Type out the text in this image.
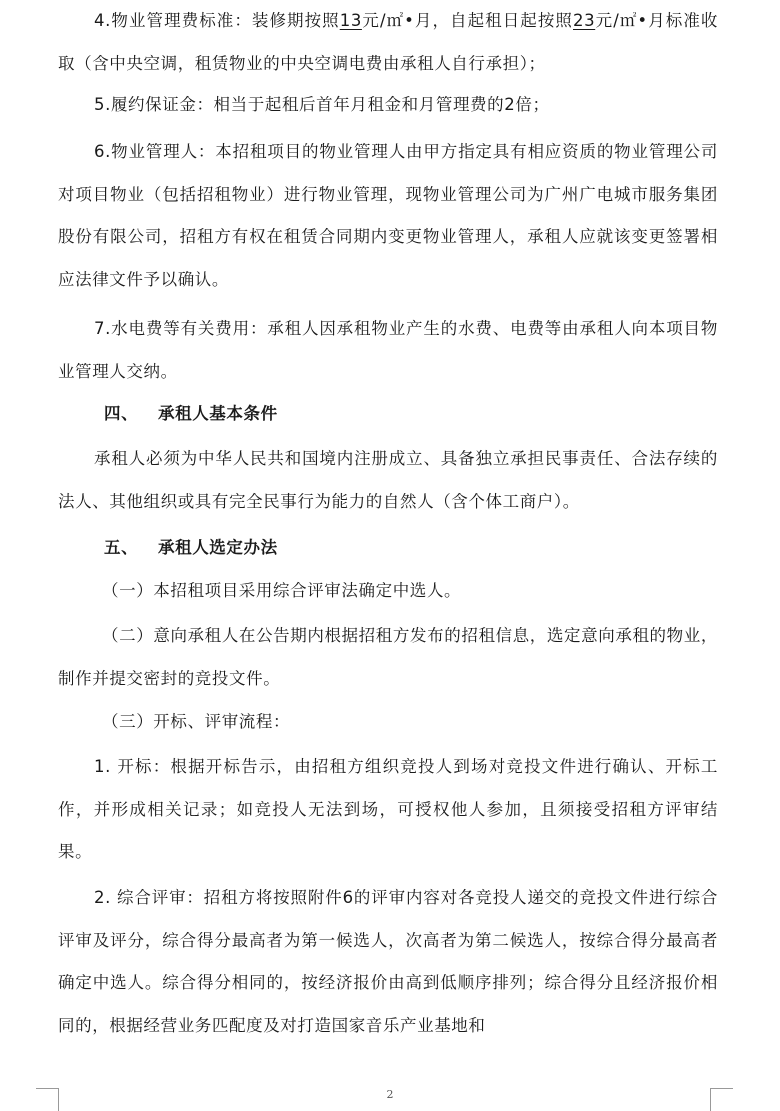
4.物业管理费标准：装修期按照13元/㎡•月，自起租日起按照23元/㎡•月标准收取（含中央空调，租赁物业的中央空调电费由承租人自行承担）；

5.履约保证金：相当于起租后首年月租金和月管理费的2倍；

6.物业管理人：本招租项目的物业管理人由甲方指定具有相应资质的物业管理公司对项目物业（包括招租物业）进行物业管理，现物业管理公司为广州广电城市服务集团股份有限公司，招租方有权在租赁合同期内变更物业管理人，承租人应就该变更签署相应法律文件予以确认。

7.水电费等有关费用：承租人因承租物业产生的水费、电费等由承租人向本项目物业管理人交纳。

四、 承租人基本条件

承租人必须为中华人民共和国境内注册成立、具备独立承担民事责任、合法存续的法人、其他组织或具有完全民事行为能力的自然人（含个体工商户）。

五、 承租人选定办法

（一）本招租项目采用综合评审法确定中选人。

（二）意向承租人在公告期内根据招租方发布的招租信息，选定意向承租的物业，制作并提交密封的竞投文件。

（三）开标、评审流程：

1. 开标：根据开标告示，由招租方组织竞投人到场对竞投文件进行确认、开标工作，并形成相关记录；如竞投人无法到场，可授权他人参加，且须接受招租方评审结果。

2. 综合评审：招租方将按照附件6的评审内容对各竞投人递交的竞投文件进行综合评审及评分，综合得分最高者为第一候选人，次高者为第二候选人，按综合得分最高者确定中选人。综合得分相同的，按经济报价由高到低顺序排列；综合得分且经济报价相同的，根据经营业务匹配度及对打造国家音乐产业基地和

2
